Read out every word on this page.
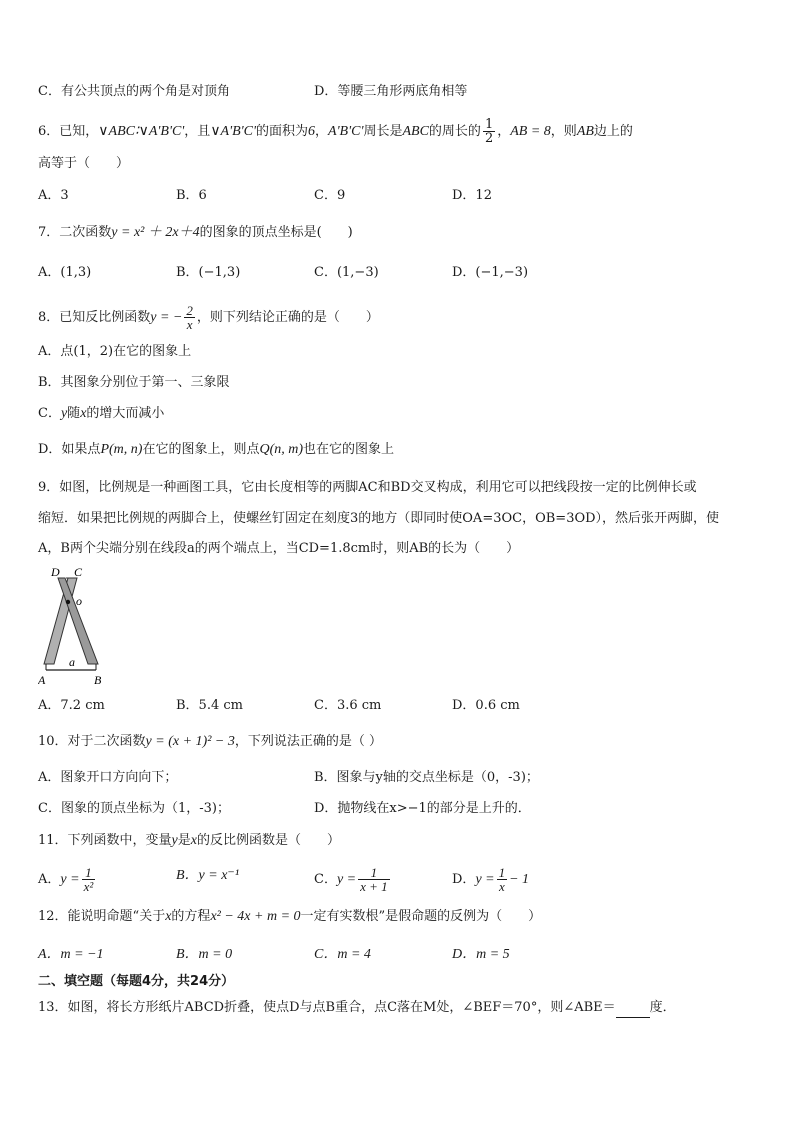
C．有公共顶点的两个角是对顶角	D．等腰三角形两底角相等
6．已知，∨ABC∶∨A'B'C'，且∨A'B'C'的面积为6，A'B'C'周长是ABC的周长的 $\frac{1}{2}$ ，AB = 8，则AB边上的
高等于（　　）
A．3	B．6	C．9	D．12
7．二次函数y = x² ＋ 2x＋4的图象的顶点坐标是(　　)
A．(1,3)	B．(−1,3)	C．(1,−3)	D．(−1,−3)
8．已知反比例函数y = − $\frac{2}{x}$ ，则下列结论正确的是（　　）
A．点(1，2)在它的图象上
B．其图象分别位于第一、三象限
C．y随x的增大而减小
D．如果点P(m, n)在它的图象上，则点Q(n, m)也在它的图象上
9．如图，比例规是一种画图工具，它由长度相等的两脚AC和BD交叉构成，利用它可以把线段按一定的比例伸长或
缩短．如果把比例规的两脚合上，使螺丝钉固定在刻度3的地方（即同时使OA=3OC，OB=3OD），然后张开两脚，使
A，B两个尖端分别在线段a的两个端点上，当CD=1.8cm时，则AB的长为（　　）
D C
o
a
A	B
A．7.2 cm	B．5.4 cm	C．3.6 cm	D．0.6 cm
10．对于二次函数y = (x + 1)² − 3，下列说法正确的是（ ）
A．图象开口方向向下；	B．图象与y轴的交点坐标是（0，-3)；
C．图象的顶点坐标为（1，-3)；	D．抛物线在x>−1的部分是上升的．
11．下列函数中，变量y是x的反比例函数是（　　）
A．$y = \frac{1}{\text{x²}}$	B．y = x⁻¹	C．$y = \frac{1}{x + 1}$	D．$y = \frac{1}{x} - 1$
12．能说明命题“关于x的方程x² − 4x + m = 0一定有实数根”是假命题的反例为（　　）
A．m = −1	B．m = 0	C．m = 4	D．m = 5
二、填空题（每题4分，共24分）
13．如图，将长方形纸片ABCD折叠，使点D与点B重合，点C落在M处，∠BEF＝70°，则∠ABE＝	度．
